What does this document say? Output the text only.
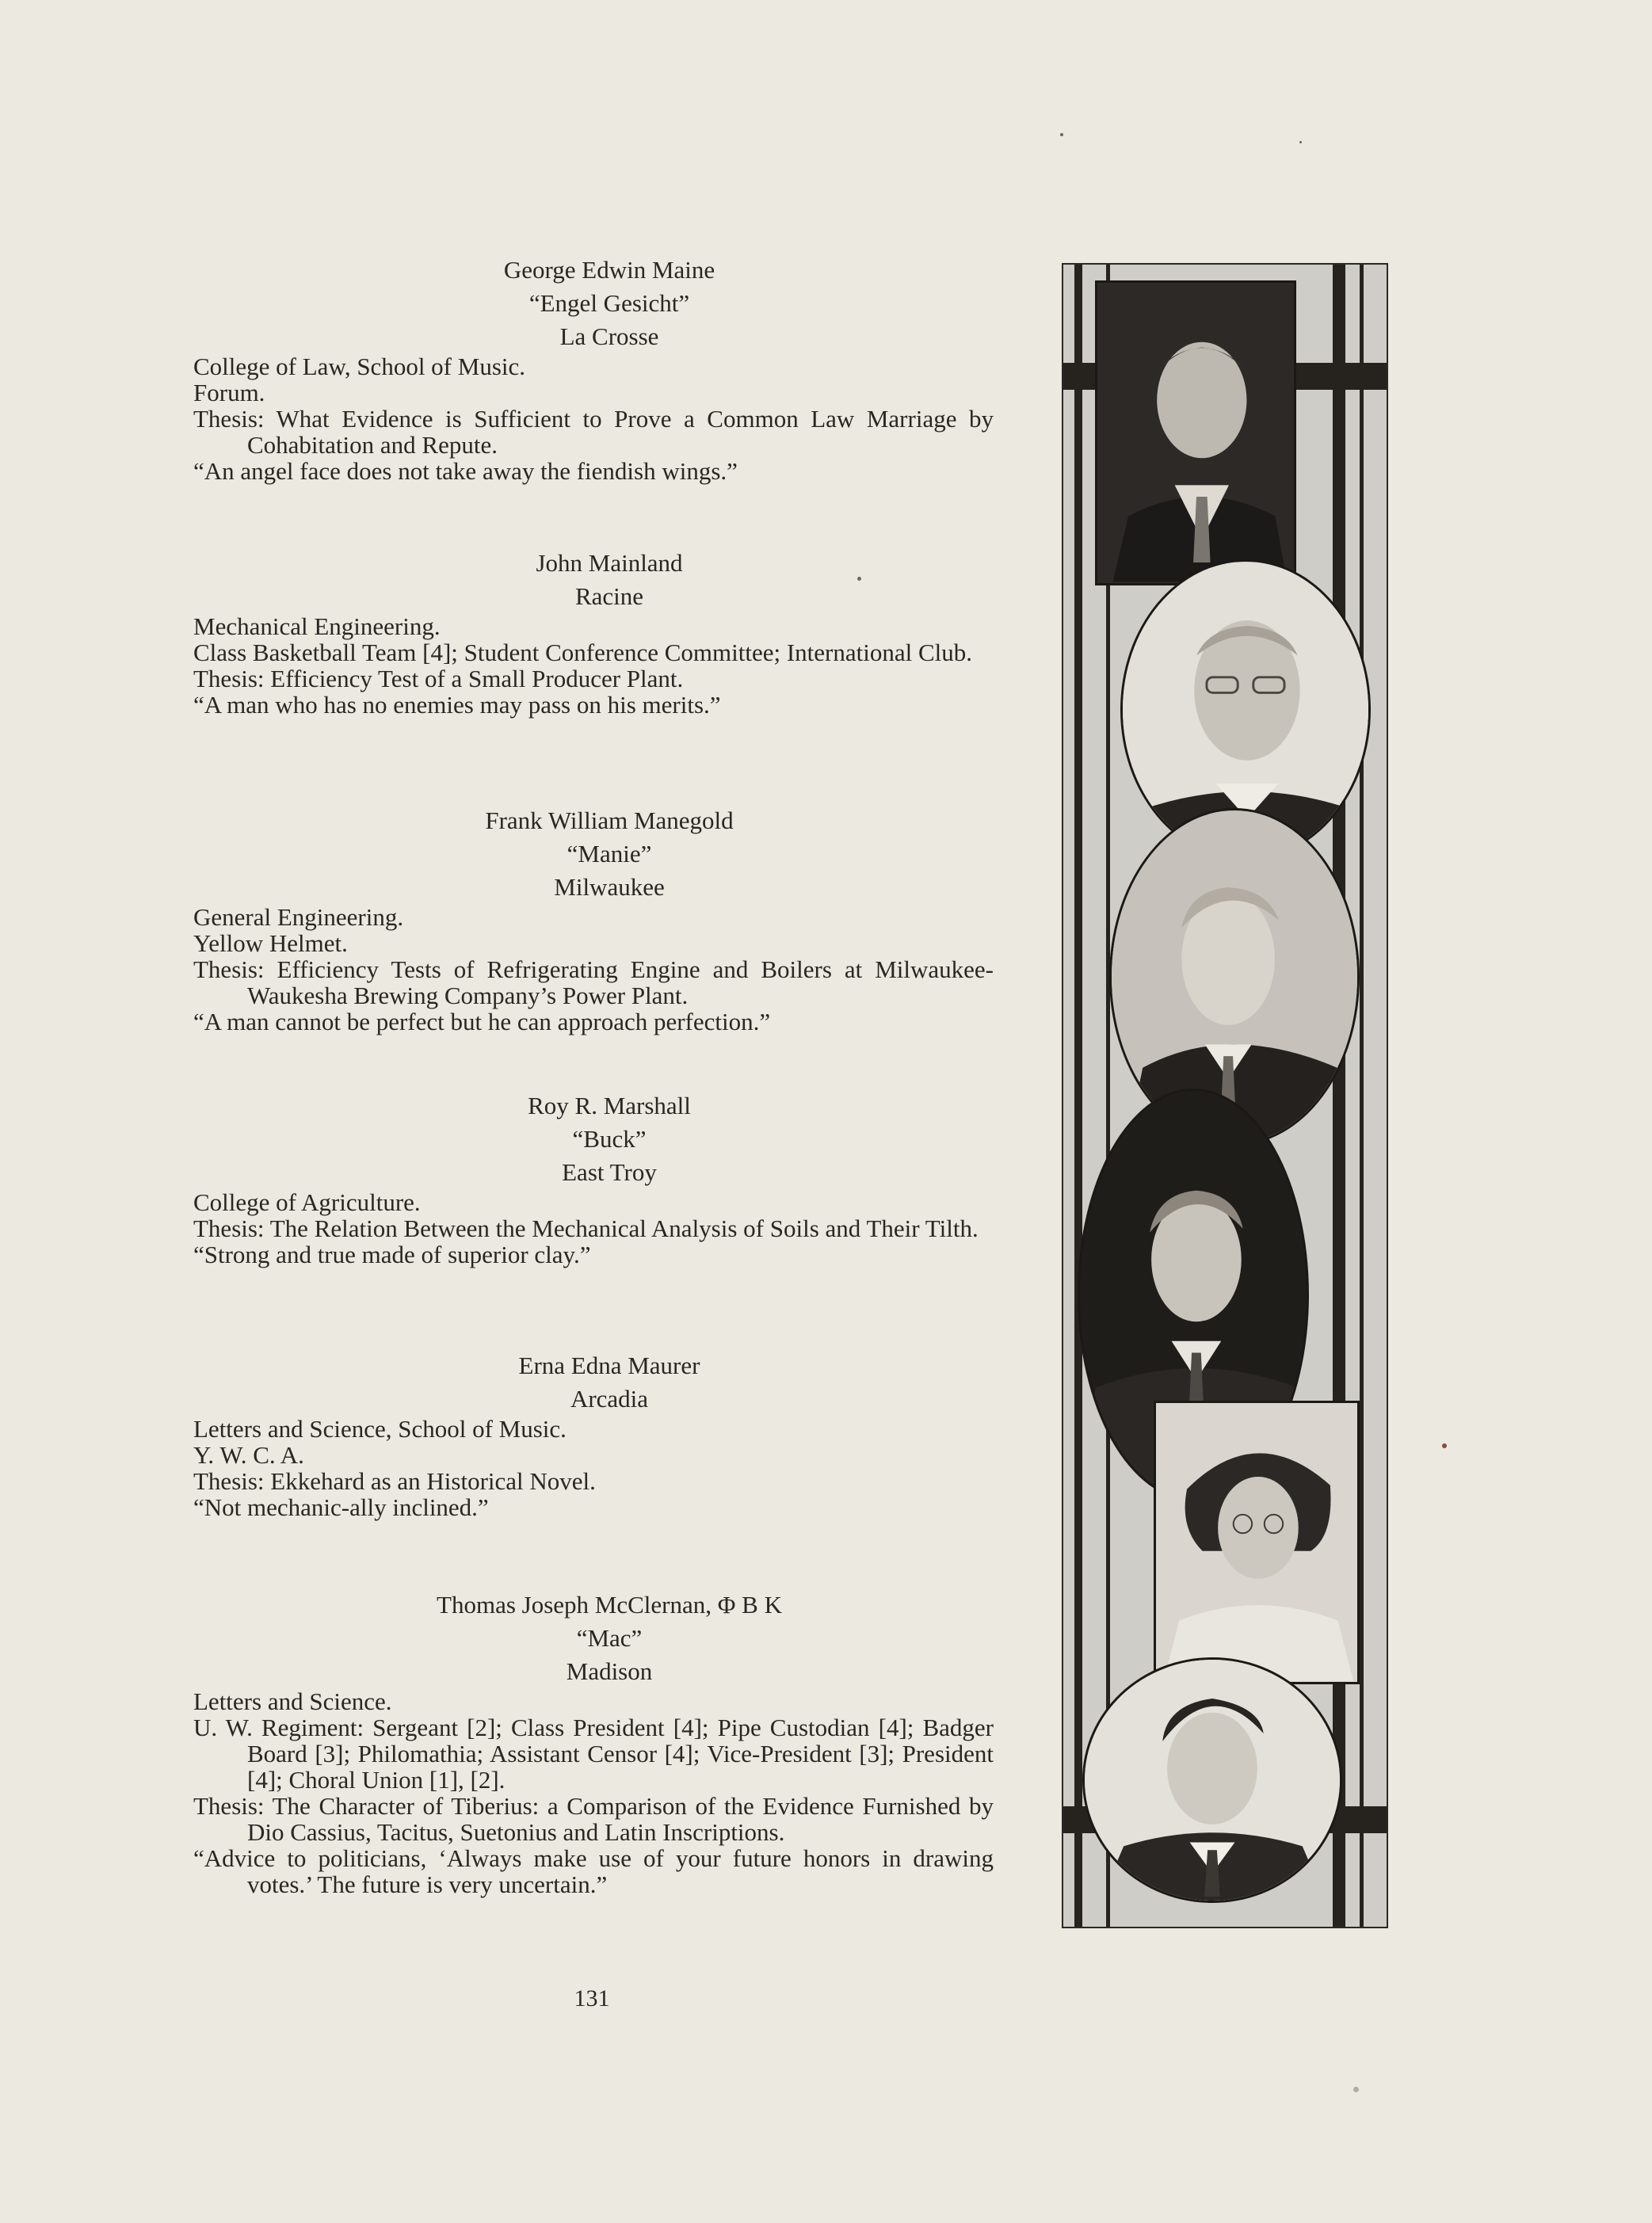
George Edwin Maine
“Engel Gesicht”
La Crosse
College of Law, School of Music.
Forum.
Thesis: What Evidence is Sufficient to Prove a Common Law Marriage by Cohabitation and Repute.
“An angel face does not take away the fiendish wings.”
John Mainland
Racine
Mechanical Engineering.
Class Basketball Team [4]; Student Conference Committee; International Club.
Thesis: Efficiency Test of a Small Producer Plant.
“A man who has no enemies may pass on his merits.”
Frank William Manegold
“Manie”
Milwaukee
General Engineering.
Yellow Helmet.
Thesis: Efficiency Tests of Refrigerating Engine and Boilers at Milwaukee-Waukesha Brewing Company’s Power Plant.
“A man cannot be perfect but he can approach perfection.”
Roy R. Marshall
“Buck”
East Troy
College of Agriculture.
Thesis: The Relation Between the Mechanical Analysis of Soils and Their Tilth.
“Strong and true made of superior clay.”
Erna Edna Maurer
Arcadia
Letters and Science, School of Music.
Y. W. C. A.
Thesis: Ekkehard as an Historical Novel.
“Not mechanic-ally inclined.”
Thomas Joseph McClernan, Φ B K
“Mac”
Madison
Letters and Science.
U. W. Regiment: Sergeant [2]; Class President [4]; Pipe Custodian [4]; Badger Board [3]; Philomathia; Assistant Censor [4]; Vice-President [3]; President [4]; Choral Union [1], [2].
Thesis: The Character of Tiberius: a Comparison of the Evidence Furnished by Dio Cassius, Tacitus, Suetonius and Latin Inscriptions.
“Advice to politicians, ‘Always make use of your future honors in drawing votes.’ The future is very uncertain.”
131
